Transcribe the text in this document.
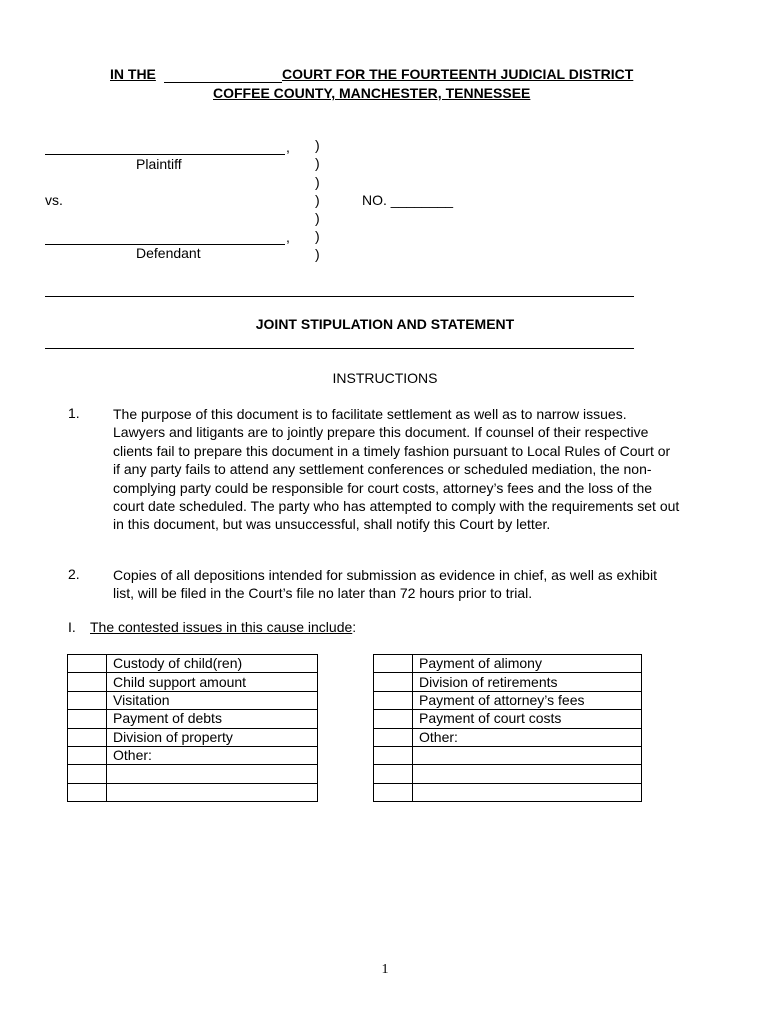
IN THE	COURT FOR THE FOURTEENTH JUDICIAL DISTRICT
COFFEE COUNTY, MANCHESTER, TENNESSEE
,
Plaintiff
vs.
,
Defendant
)
)
)
)
)
)
)
NO. ________
JOINT STIPULATION AND STATEMENT
INSTRUCTIONS
1. The purpose of this document is to facilitate settlement as well as to narrow issues.
Lawyers and litigants are to jointly prepare this document. If counsel of their respective
clients fail to prepare this document in a timely fashion pursuant to Local Rules of Court or
if any party fails to attend any settlement conferences or scheduled mediation, the non-
complying party could be responsible for court costs, attorney’s fees and the loss of the
court date scheduled. The party who has attempted to comply with the requirements set out
in this document, but was unsuccessful, shall notify this Court by letter.
2. Copies of all depositions intended for submission as evidence in chief, as well as exhibit
list, will be filed in the Court’s file no later than 72 hours prior to trial.
I. The contested issues in this cause include:
	Custody of child(ren)
	Child support amount
	Visitation
	Payment of debts
	Division of property
	Other:

	Payment of alimony
	Division of retirements
	Payment of attorney’s fees
	Payment of court costs
	Other:

1
